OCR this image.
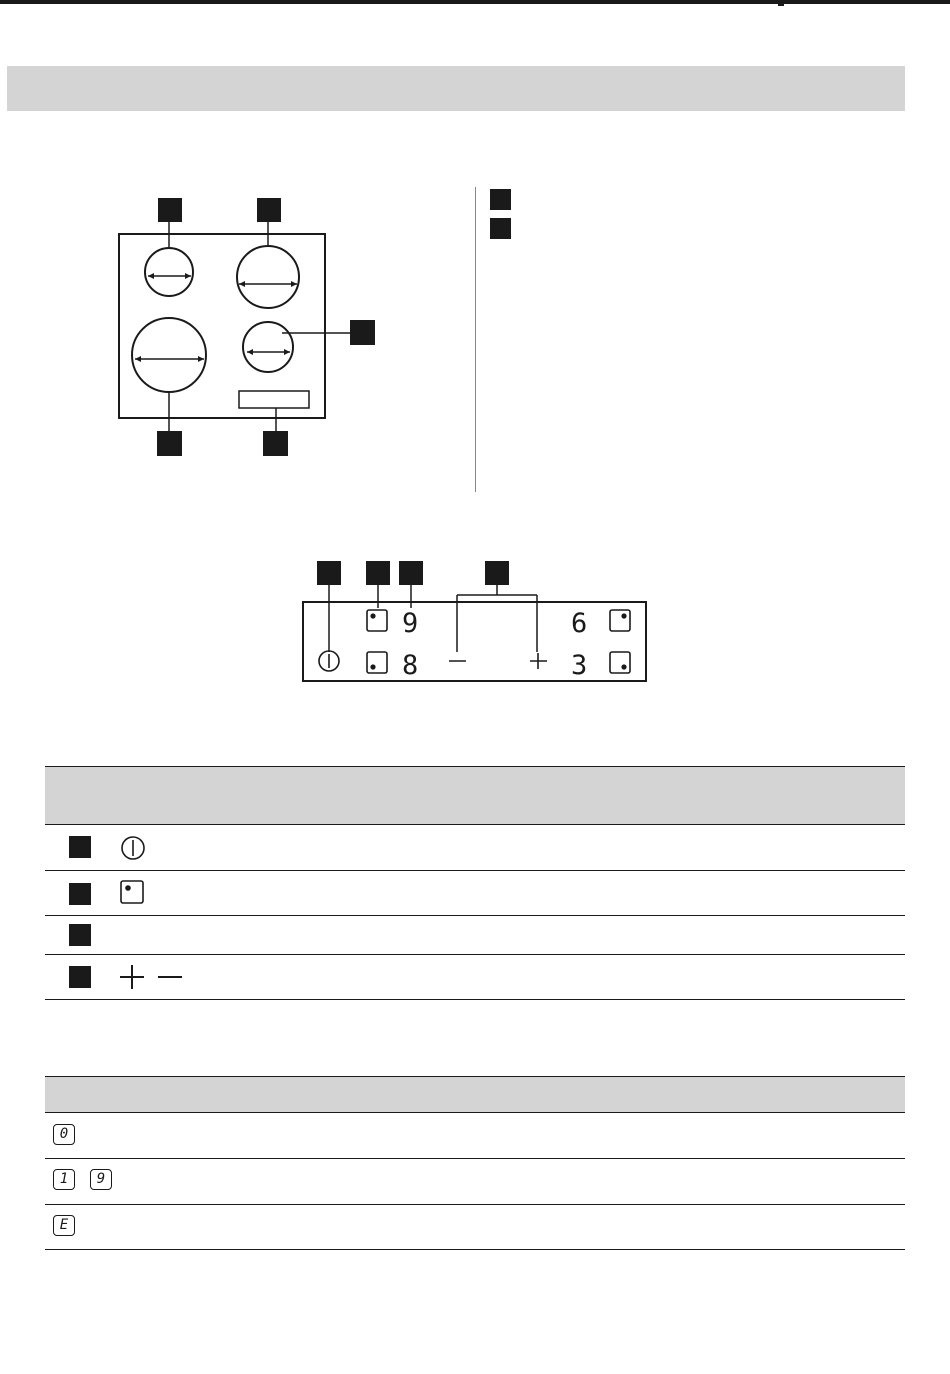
9
8
6
3
0
1	9
E
